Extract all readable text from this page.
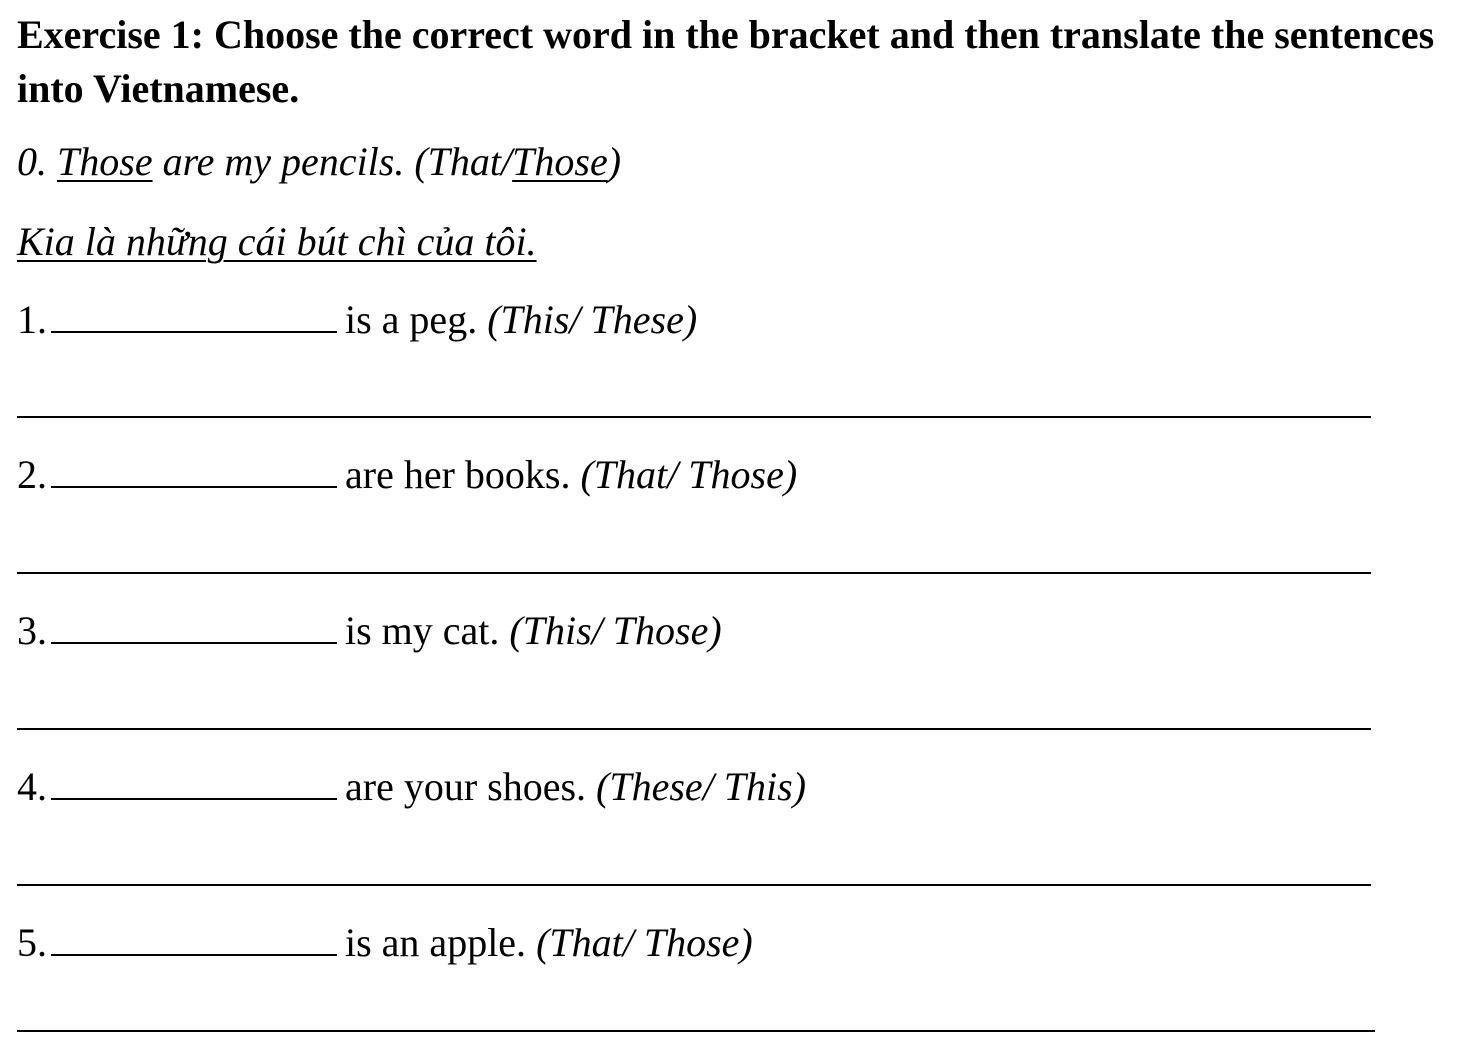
Exercise 1: Choose the correct word in the bracket and then translate the sentences into Vietnamese.
0. Those are my pencils. (That/Those)
Kia là những cái bút chì của tôi.
1.	is a peg. (This/ These)
2.	are her books. (That/ Those)
3.	is my cat. (This/ Those)
4.	are your shoes. (These/ This)
5.	is an apple. (That/ Those)
